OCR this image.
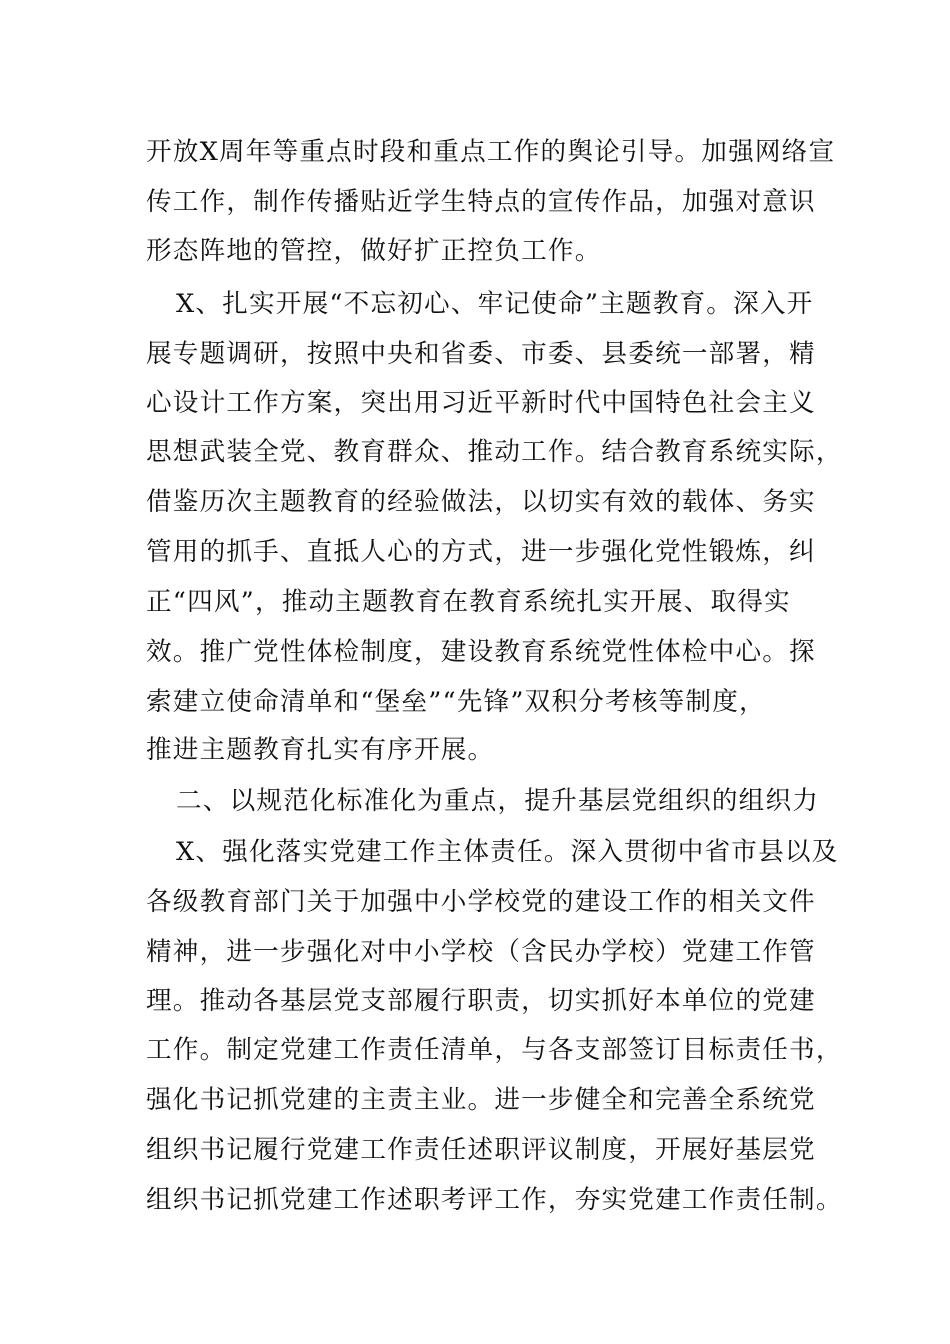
开放X周年等重点时段和重点工作的舆论引导。加强网络宣
传工作，制作传播贴近学生特点的宣传作品，加强对意识
形态阵地的管控，做好扩正控负工作。
X、扎实开展“不忘初心、牢记使命”主题教育。深入开
展专题调研，按照中央和省委、市委、县委统一部署，精
心设计工作方案，突出用习近平新时代中国特色社会主义
思想武装全党、教育群众、推动工作。结合教育系统实际，
借鉴历次主题教育的经验做法，以切实有效的载体、务实
管用的抓手、直抵人心的方式，进一步强化党性锻炼，纠
正“四风”，推动主题教育在教育系统扎实开展、取得实
效。推广党性体检制度，建设教育系统党性体检中心。探
索建立使命清单和“堡垒”“先锋”双积分考核等制度，
推进主题教育扎实有序开展。
二、以规范化标准化为重点，提升基层党组织的组织力
X、强化落实党建工作主体责任。深入贯彻中省市县以及
各级教育部门关于加强中小学校党的建设工作的相关文件
精神，进一步强化对中小学校（含民办学校）党建工作管
理。推动各基层党支部履行职责，切实抓好本单位的党建
工作。制定党建工作责任清单，与各支部签订目标责任书，
强化书记抓党建的主责主业。进一步健全和完善全系统党
组织书记履行党建工作责任述职评议制度，开展好基层党
组织书记抓党建工作述职考评工作，夯实党建工作责任制。
